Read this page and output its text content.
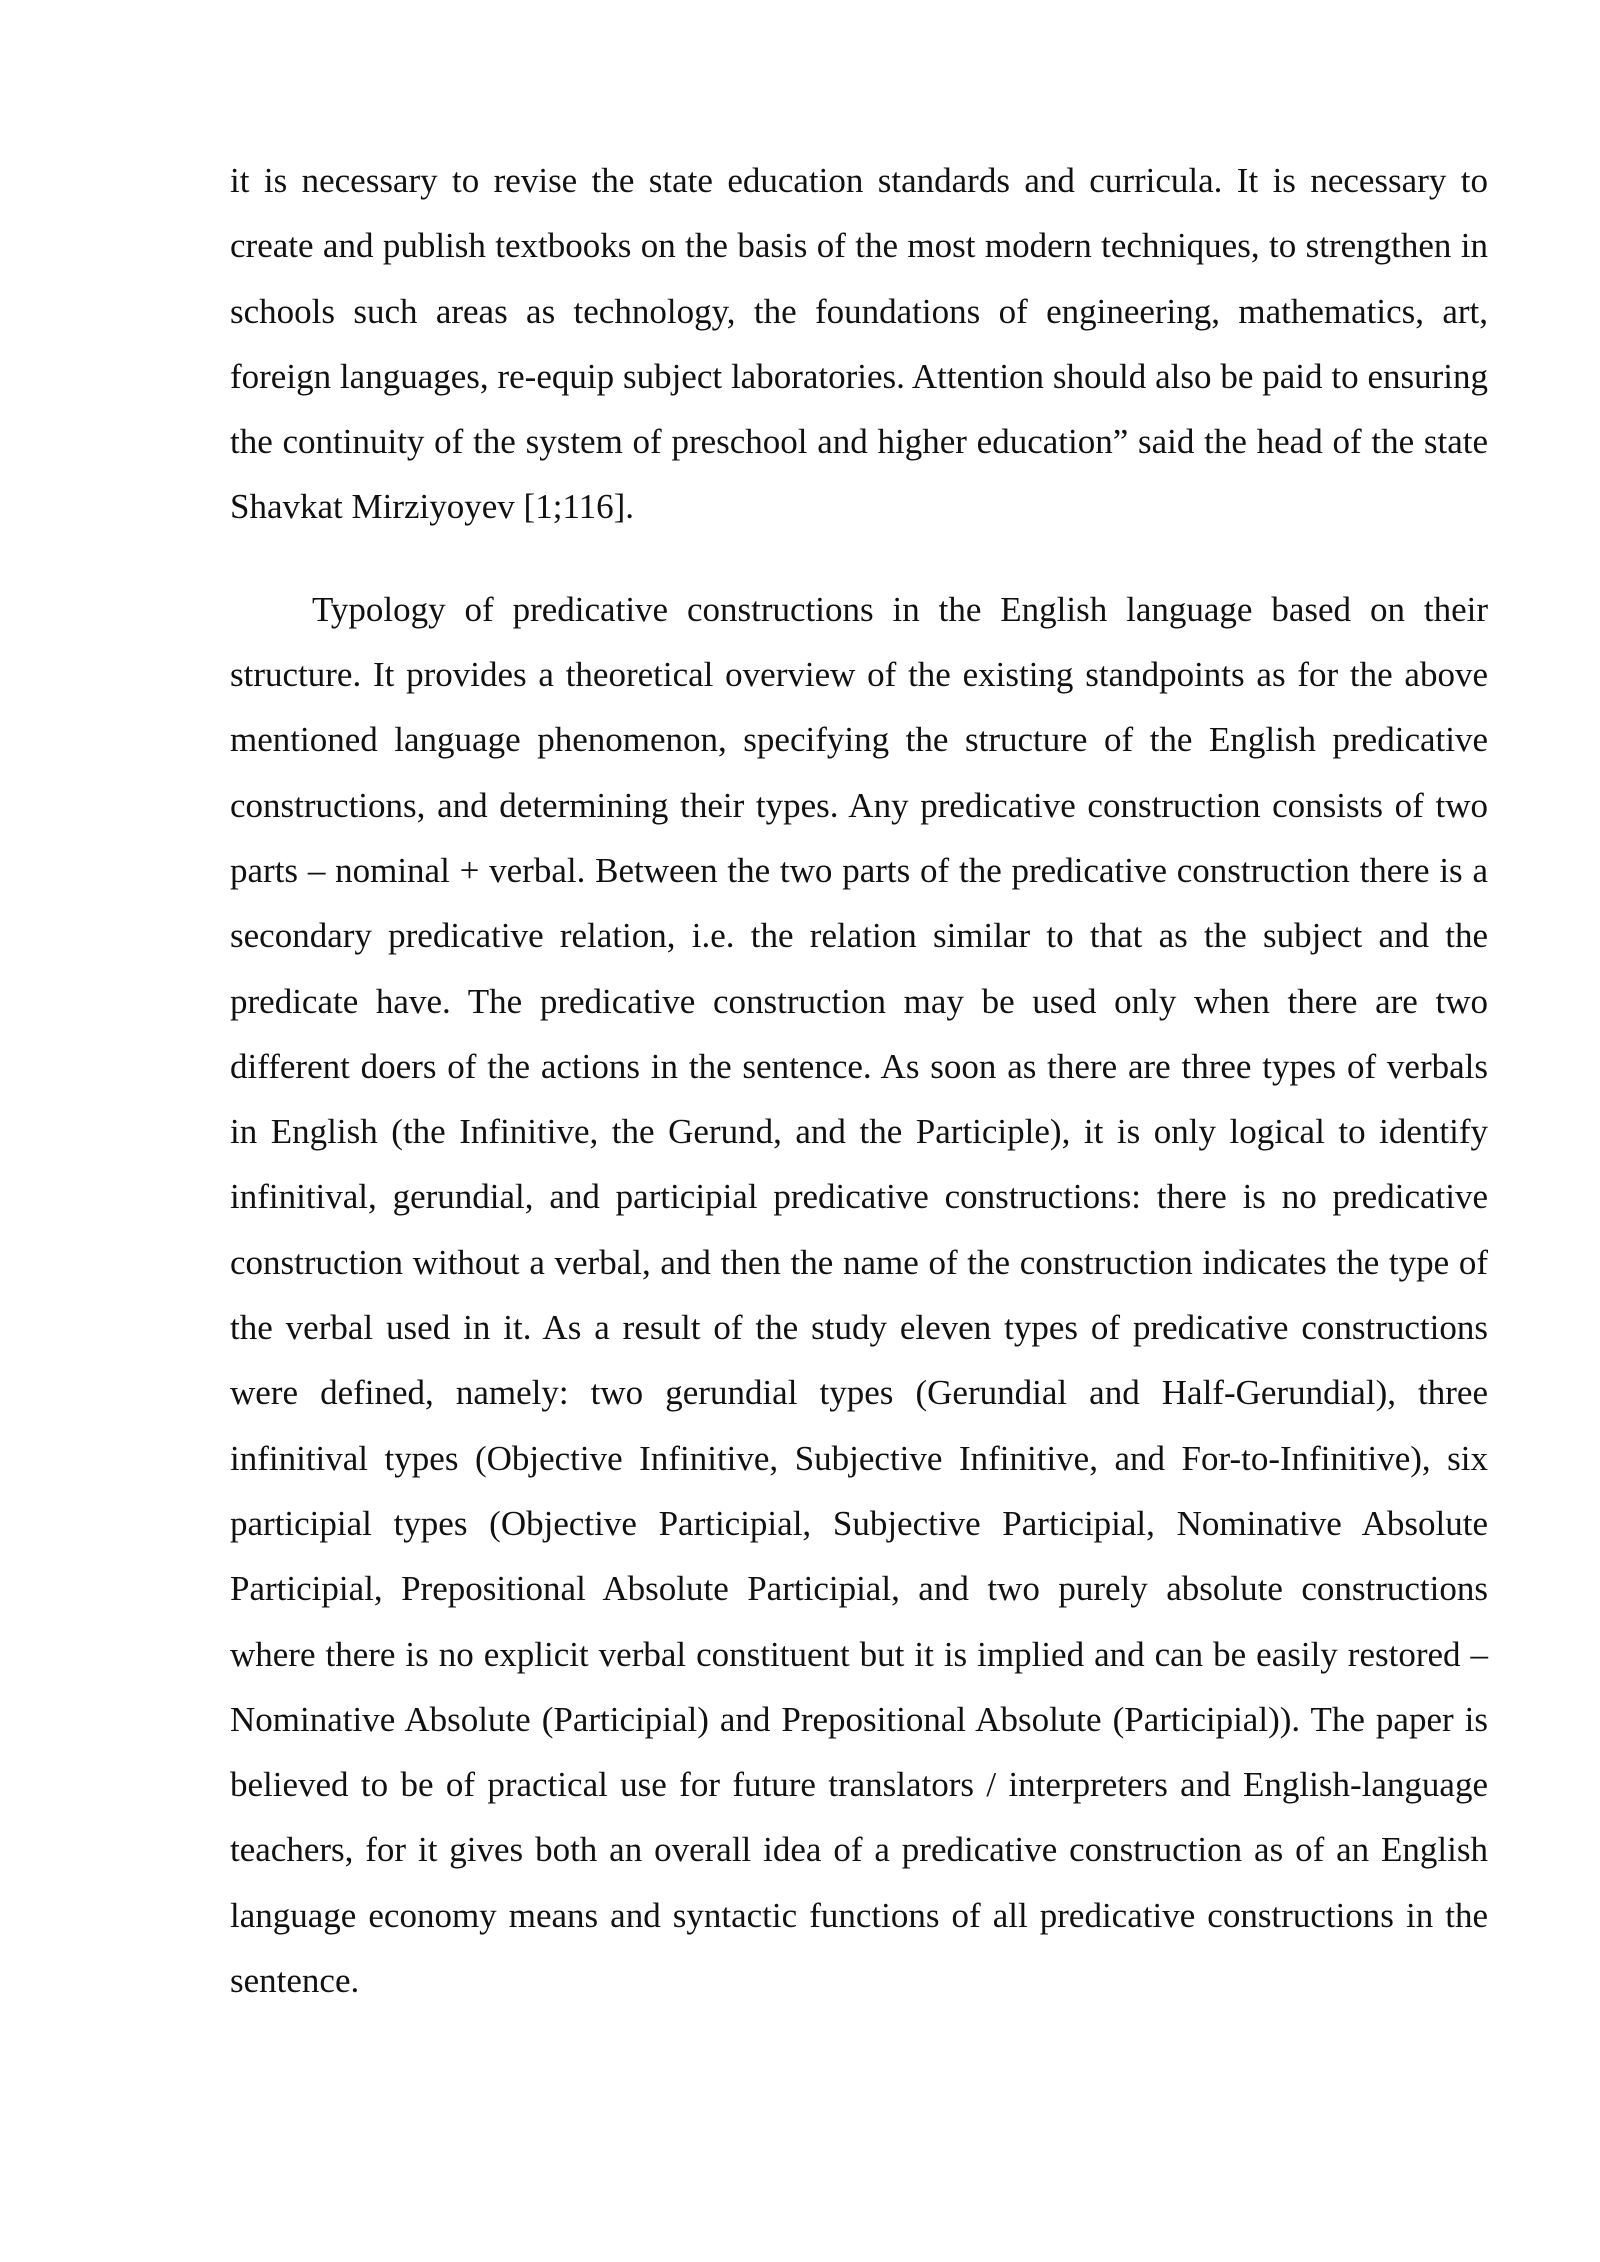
it is necessary to revise the state education standards and curricula. It is necessary to create and publish textbooks on the basis of the most modern techniques, to strengthen in schools such areas as technology, the foundations of engineering, mathematics, art, foreign languages, re-equip subject laboratories. Attention should also be paid to ensuring the continuity of the system of preschool and higher education” said the head of the state Shavkat Mirziyoyev [1;116].

Typology of predicative constructions in the English language based on their structure. It provides a theoretical overview of the existing standpoints as for the above mentioned language phenomenon, specifying the structure of the English predicative constructions, and determining their types. Any predicative construction consists of two parts – nominal + verbal. Between the two parts of the predicative construction there is a secondary predicative relation, i.e. the relation similar to that as the subject and the predicate have. The predicative construction may be used only when there are two different doers of the actions in the sentence. As soon as there are three types of verbals in English (the Infinitive, the Gerund, and the Participle), it is only logical to identify infinitival, gerundial, and participial predicative constructions: there is no predicative construction without a verbal, and then the name of the construction indicates the type of the verbal used in it. As a result of the study eleven types of predicative constructions were defined, namely: two gerundial types (Gerundial and Half-Gerundial), three infinitival types (Objective Infinitive, Subjective Infinitive, and For-to-Infinitive), six participial types (Objective Participial, Subjective Participial, Nominative Absolute Participial, Prepositional Absolute Participial, and two purely absolute constructions where there is no explicit verbal constituent but it is implied and can be easily restored – Nominative Absolute (Participial) and Prepositional Absolute (Participial)). The paper is believed to be of practical use for future translators / interpreters and English-language teachers, for it gives both an overall idea of a predicative construction as of an English language economy means and syntactic functions of all predicative constructions in the sentence.
